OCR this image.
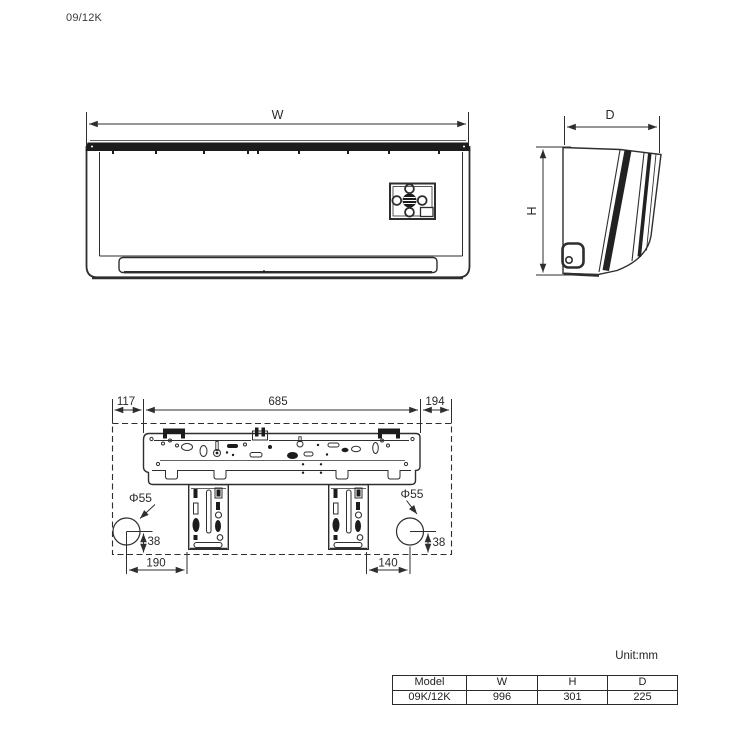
09/12K
W	D
H
117	685	194
Φ55	Φ55
38	38
190	140
Unit:mm
Model	W	H	D
09K/12K	996	301	225
